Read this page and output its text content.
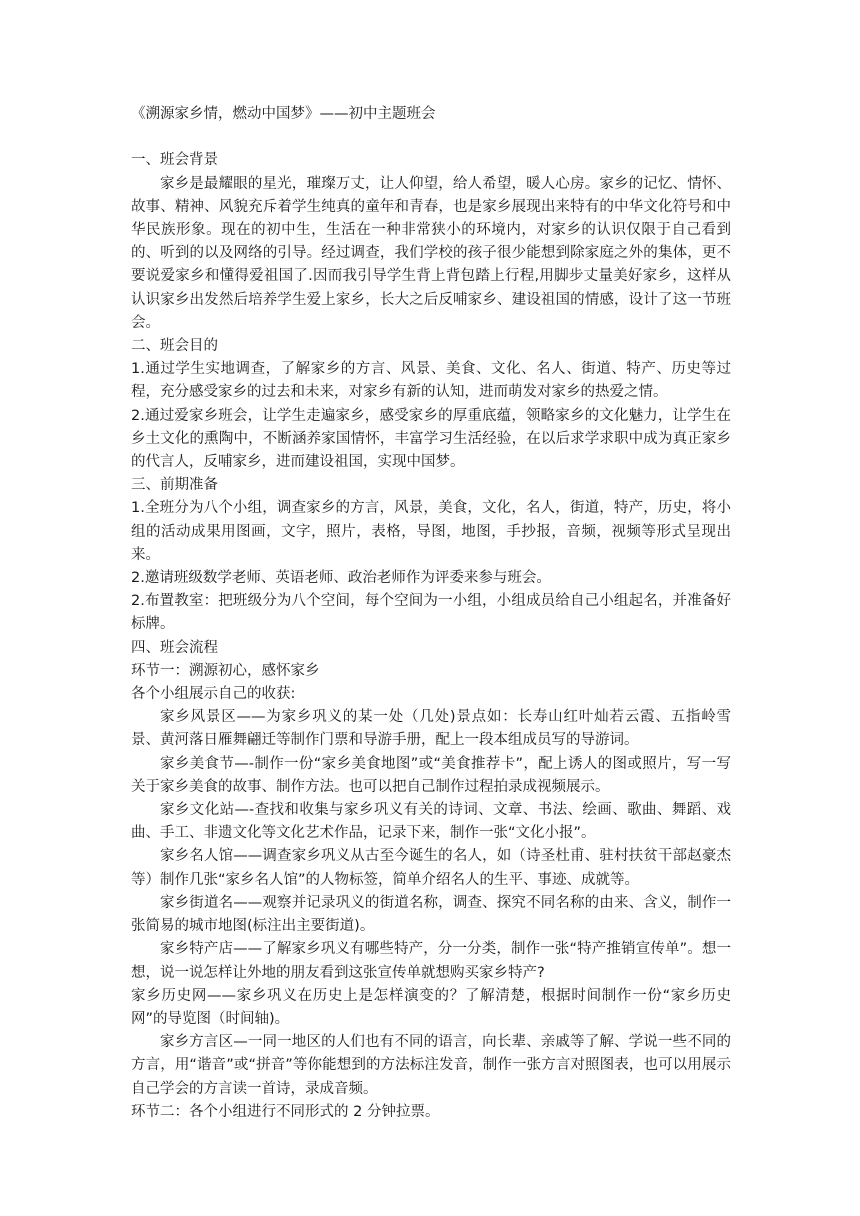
《溯源家乡情，燃动中国梦》——初中主题班会

一、班会背景

家乡是最耀眼的星光，璀璨万丈，让人仰望，给人希望，暖人心房。家乡的记忆、情怀、故事、精神、风貌充斥着学生纯真的童年和青春，也是家乡展现出来特有的中华文化符号和中华民族形象。现在的初中生，生活在一种非常狭小的环境内，对家乡的认识仅限于自己看到的、听到的以及网络的引导。经过调查，我们学校的孩子很少能想到除家庭之外的集体，更不要说爱家乡和懂得爱祖国了.因而我引导学生背上背包踏上行程,用脚步丈量美好家乡，这样从认识家乡出发然后培养学生爱上家乡，长大之后反哺家乡、建设祖国的情感，设计了这一节班会。

二、班会目的

1.通过学生实地调查，了解家乡的方言、风景、美食、文化、名人、街道、特产、历史等过程，充分感受家乡的过去和未来，对家乡有新的认知，进而萌发对家乡的热爱之情。

2.通过爱家乡班会，让学生走遍家乡，感受家乡的厚重底蕴，领略家乡的文化魅力，让学生在乡土文化的熏陶中，不断涵养家国情怀，丰富学习生活经验，在以后求学求职中成为真正家乡的代言人，反哺家乡，进而建设祖国，实现中国梦。

三、前期准备

1.全班分为八个小组，调查家乡的方言，风景，美食，文化，名人，街道，特产，历史，将小组的活动成果用图画，文字，照片，表格，导图，地图，手抄报，音频，视频等形式呈现出来。

2.邀请班级数学老师、英语老师、政治老师作为评委来参与班会。

2.布置教室：把班级分为八个空间，每个空间为一小组，小组成员给自己小组起名，并准备好标牌。

四、班会流程

环节一：溯源初心，感怀家乡

各个小组展示自己的收获:

家乡风景区——为家乡巩义的某一处（几处)景点如：长寿山红叶灿若云霞、五指岭雪景、黄河落日雁舞翩迁等制作门票和导游手册，配上一段本组成员写的导游词。

家乡美食节—-制作一份“家乡美食地图”或“美食推荐卡”，配上诱人的图或照片，写一写关于家乡美食的故事、制作方法。也可以把自己制作过程拍录成视频展示。

家乡文化站—-查找和收集与家乡巩义有关的诗词、文章、书法、绘画、歌曲、舞蹈、戏曲、手工、非遗文化等文化艺术作品，记录下来，制作一张“文化小报”。

家乡名人馆——调查家乡巩义从古至今诞生的名人，如（诗圣杜甫、驻村扶贫干部赵豪杰等）制作几张“家乡名人馆”的人物标签，简单介绍名人的生平、事迹、成就等。

家乡街道名——观察并记录巩义的街道名称，调查、探究不同名称的由来、含义，制作一张简易的城市地图(标注出主要街道)。

家乡特产店——了解家乡巩义有哪些特产，分一分类，制作一张“特产推销宣传单”。想一想，说一说怎样让外地的朋友看到这张宣传单就想购买家乡特产?

家乡历史网——家乡巩义在历史上是怎样演变的？了解清楚，根据时间制作一份“家乡历史网”的导览图（时间轴)。

家乡方言区—一同一地区的人们也有不同的语言，向长辈、亲戚等了解、学说一些不同的方言，用“谐音”或“拼音”等你能想到的方法标注发音，制作一张方言对照图表，也可以用展示自己学会的方言读一首诗，录成音频。

环节二：各个小组进行不同形式的 2 分钟拉票。
